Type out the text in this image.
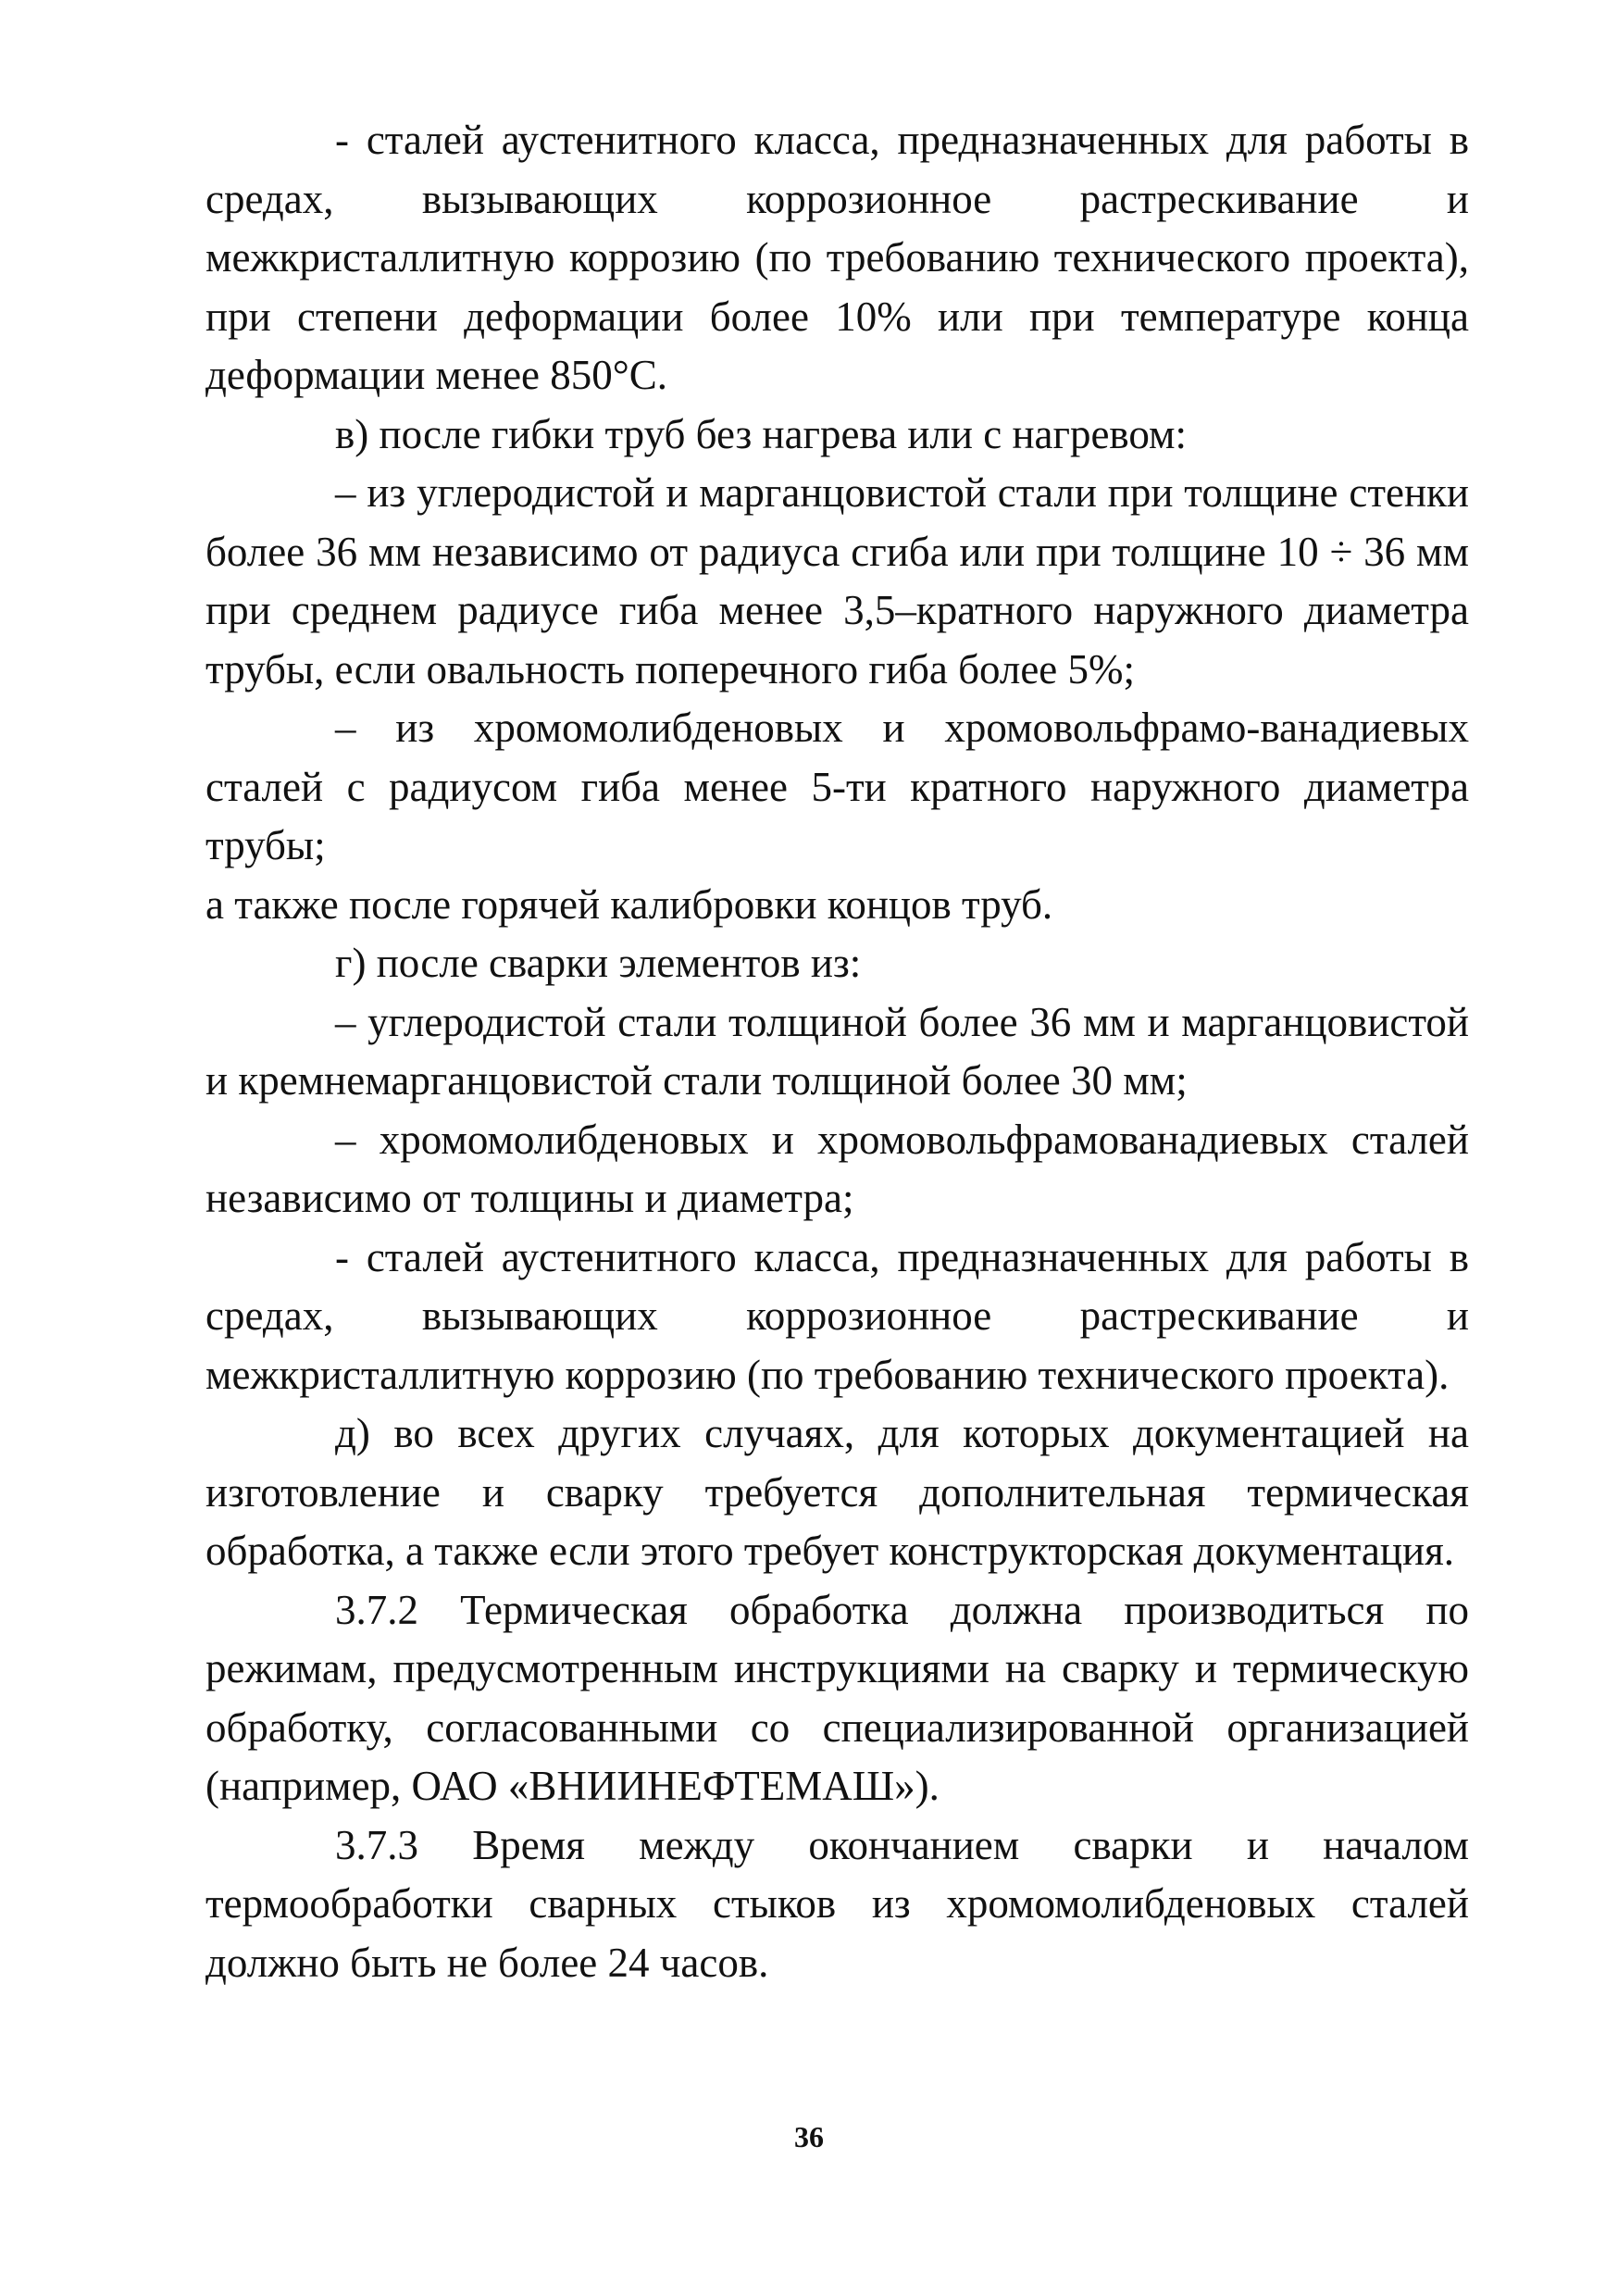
- сталей аустенитного класса, предназначенных для работы в средах, вызывающих коррозионное растрескивание и межкристаллитную коррозию (по требованию технического проекта), при степени деформации более 10% или при температуре конца деформации менее 850°С.

в) после гибки труб без нагрева или с нагревом:

– из углеродистой и марганцовистой стали при толщине стенки более 36 мм независимо от радиуса сгиба или при толщине 10 ÷ 36 мм при среднем радиусе гиба менее 3,5–кратного наружного диаметра трубы, если овальность поперечного гиба более 5%;

– из хромомолибденовых и хромовольфрамо-ванадиевых сталей с радиусом гиба менее 5-ти кратного наружного диаметра трубы;

а также после горячей калибровки концов труб.

г) после сварки элементов из:

– углеродистой стали толщиной более 36 мм и марганцовистой и кремнемарганцовистой стали толщиной более 30 мм;

– хромомолибденовых и хромовольфрамованадиевых сталей независимо от толщины и диаметра;

- сталей аустенитного класса, предназначенных для работы в средах, вызывающих коррозионное растрескивание и межкристаллитную коррозию (по требованию технического проекта).

д) во всех других случаях, для которых документацией на изготовление и сварку требуется дополнительная термическая обработка, а также если этого требует конструкторская документация.

3.7.2 Термическая обработка должна производиться по режимам, предусмотренным инструкциями на сварку и термическую обработку, согласованными со специализированной организацией (например, ОАО «ВНИИНЕФТЕМАШ»).

3.7.3 Время между окончанием сварки и началом термообработки сварных стыков из хромомолибденовых сталей должно быть не более 24 часов.

36
